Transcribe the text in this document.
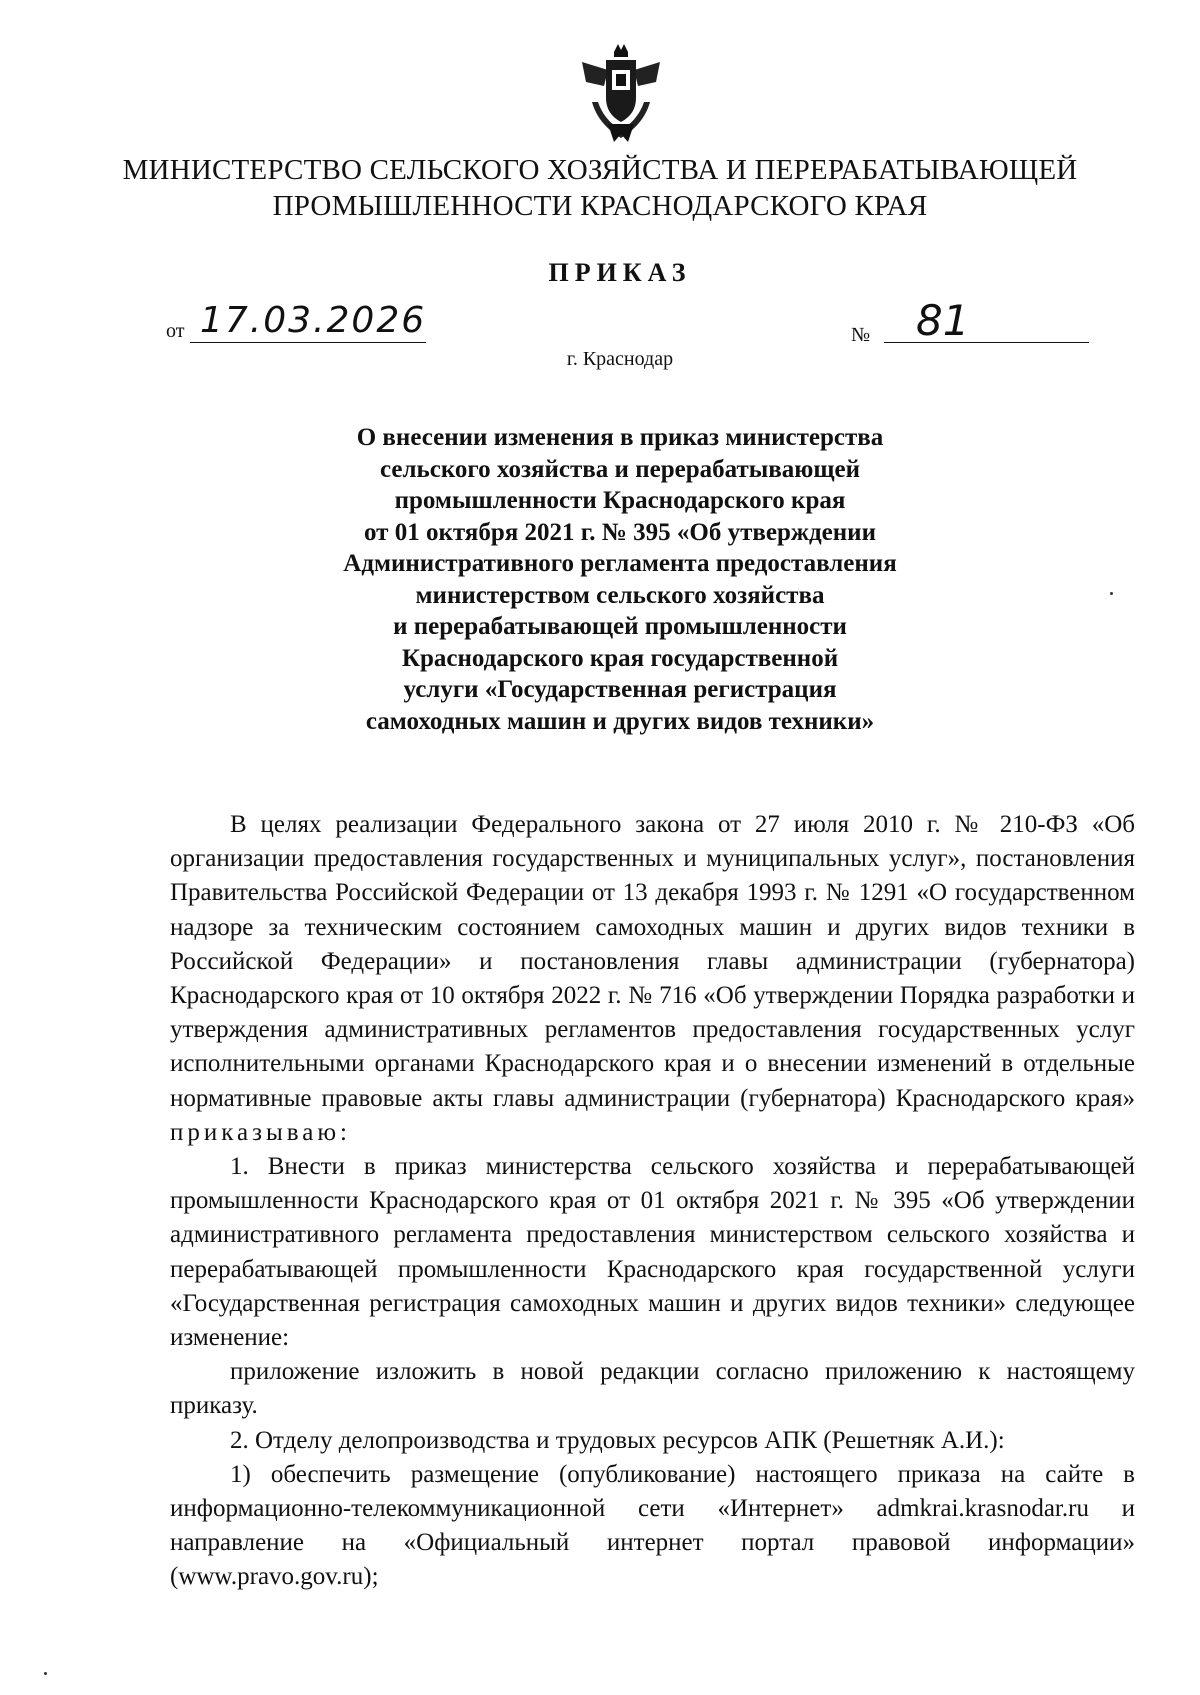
МИНИСТЕРСТВО СЕЛЬСКОГО ХОЗЯЙСТВА И ПЕРЕРАБАТЫВАЮЩЕЙ
ПРОМЫШЛЕННОСТИ КРАСНОДАРСКОГО КРАЯ
ПРИКАЗ
от 17.03.2026	№ 81
г. Краснодар
О внесении изменения в приказ министерства
сельского хозяйства и перерабатывающей
промышленности Краснодарского края
от 01 октября 2021 г. № 395 «Об утверждении
Административного регламента предоставления
министерством сельского хозяйства
и перерабатывающей промышленности
Краснодарского края государственной
услуги «Государственная регистрация
самоходных машин и других видов техники»

В целях реализации Федерального закона от 27 июля 2010 г. № 210-ФЗ «Об организации предоставления государственных и муниципальных услуг», постановления Правительства Российской Федерации от 13 декабря 1993 г. № 1291 «О государственном надзоре за техническим состоянием самоходных машин и других видов техники в Российской Федерации» и постановления главы администрации (губернатора) Краснодарского края от 10 октября 2022 г. № 716 «Об утверждении Порядка разработки и утверждения административных регламентов предоставления государственных услуг исполнительными органами Краснодарского края и о внесении изменений в отдельные нормативные правовые акты главы администрации (губернатора) Краснодарского края» приказываю:

1. Внести в приказ министерства сельского хозяйства и перерабатывающей промышленности Краснодарского края от 01 октября 2021 г. № 395 «Об утверждении административного регламента предоставления министерством сельского хозяйства и перерабатывающей промышленности Краснодарского края государственной услуги «Государственная регистрация самоходных машин и других видов техники» следующее изменение:

приложение изложить в новой редакции согласно приложению к настоящему приказу.

2. Отделу делопроизводства и трудовых ресурсов АПК (Решетняк А.И.):

1) обеспечить размещение (опубликование) настоящего приказа на сайте в информационно-телекоммуникационной сети «Интернет» admkrai.krasnodar.ru и направление на «Официальный интернет портал правовой информации» (www.pravo.gov.ru);
